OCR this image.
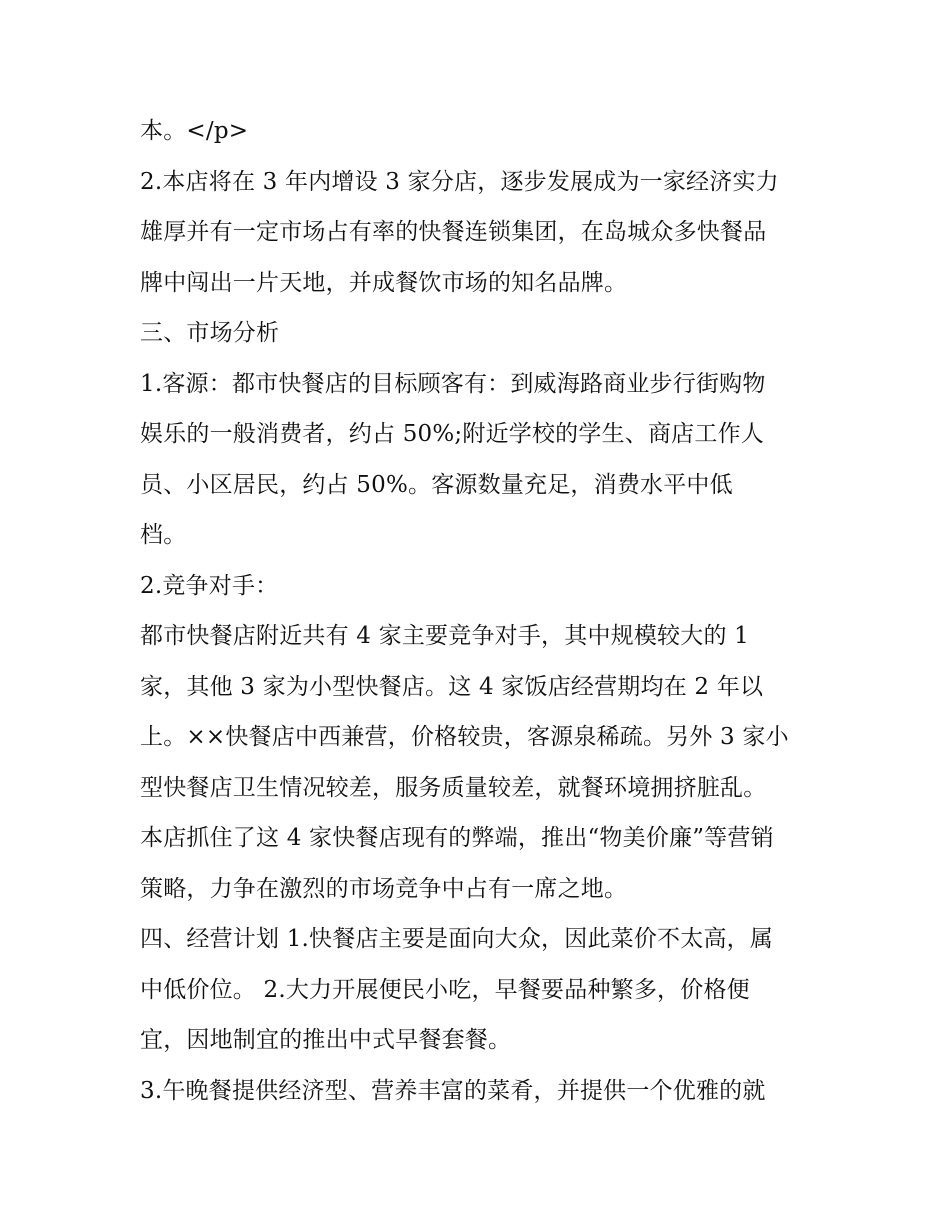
本。</p>
2.本店将在 3 年内增设 3 家分店，逐步发展成为一家经济实力
雄厚并有一定市场占有率的快餐连锁集团，在岛城众多快餐品
牌中闯出一片天地，并成餐饮市场的知名品牌。
三、市场分析
1.客源：都市快餐店的目标顾客有：到威海路商业步行街购物
娱乐的一般消费者，约占 50%;附近学校的学生、商店工作人
员、小区居民，约占 50%。客源数量充足，消费水平中低
档。
2.竞争对手：
都市快餐店附近共有 4 家主要竞争对手，其中规模较大的 1
家，其他 3 家为小型快餐店。这 4 家饭店经营期均在 2 年以
上。××快餐店中西兼营，价格较贵，客源泉稀疏。另外 3 家小
型快餐店卫生情况较差，服务质量较差，就餐环境拥挤脏乱。
本店抓住了这 4 家快餐店现有的弊端，推出“物美价廉”等营销
策略，力争在激烈的市场竞争中占有一席之地。
四、经营计划 1.快餐店主要是面向大众，因此菜价不太高，属
中低价位。 2.大力开展便民小吃，早餐要品种繁多，价格便
宜，因地制宜的推出中式早餐套餐。
3.午晚餐提供经济型、营养丰富的菜肴，并提供一个优雅的就
